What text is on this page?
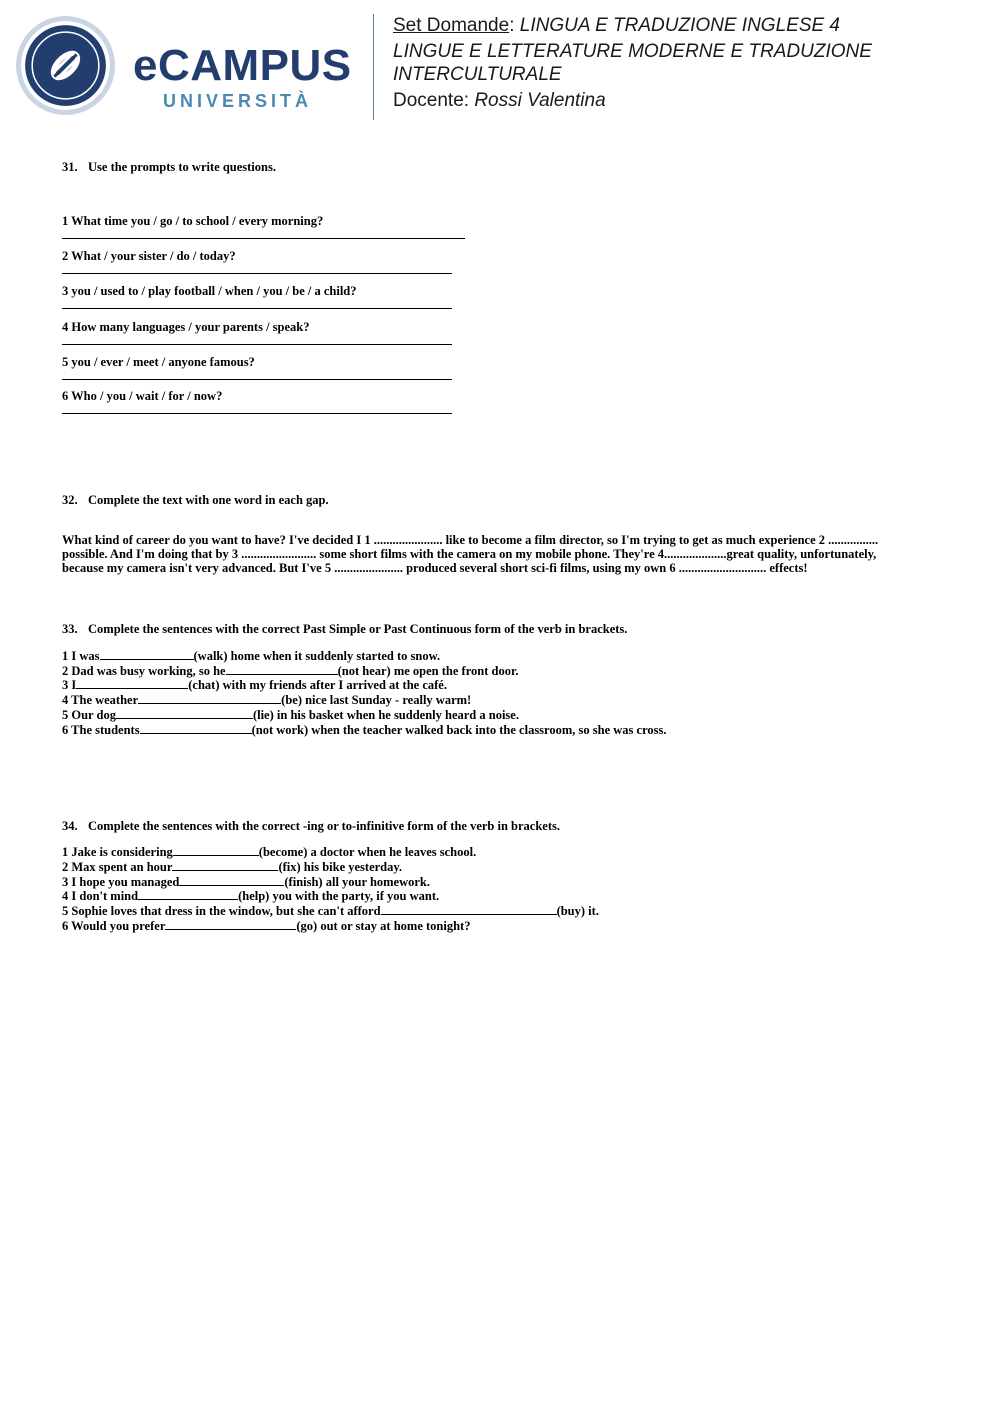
eCAMPUS
UNIVERSITÀ

Set Domande: LINGUA E TRADUZIONE INGLESE 4

LINGUE E LETTERATURE MODERNE E TRADUZIONE

INTERCULTURALE

Docente: Rossi Valentina

31. Use the prompts to write questions.

1 What time you / go / to school / every morning?

2 What / your sister / do / today?

3 you / used to / play football / when / you / be / a child?

4 How many languages / your parents / speak?

5 you / ever / meet / anyone famous?

6 Who / you / wait / for / now?

32. Complete the text with one word in each gap.

What kind of career do you want to have? I've decided I 1 ...................... like to become a film director, so I'm trying to get as much experience 2 ................

possible. And I'm doing that by 3 ........................ some short films with the camera on my mobile phone. They're 4....................great quality, unfortunately,

because my camera isn't very advanced. But I've 5 ...................... produced several short sci-fi films, using my own 6 ............................ effects!

33. Complete the sentences with the correct Past Simple or Past Continuous form of the verb in brackets.

1 I was	(walk) home when it suddenly started to snow.

2 Dad was busy working, so he	(not hear) me open the front door.

3 I	(chat) with my friends after I arrived at the café.

4 The weather	(be) nice last Sunday - really warm!

5 Our dog	(lie) in his basket when he suddenly heard a noise.

6 The students	(not work) when the teacher walked back into the classroom, so she was cross.

34. Complete the sentences with the correct -ing or to-infinitive form of the verb in brackets.

1 Jake is considering	(become) a doctor when he leaves school.

2 Max spent an hour	(fix) his bike yesterday.

3 I hope you managed	(finish) all your homework.

4 I don't mind	(help) you with the party, if you want.

5 Sophie loves that dress in the window, but she can't afford	(buy) it.

6 Would you prefer	(go) out or stay at home tonight?
